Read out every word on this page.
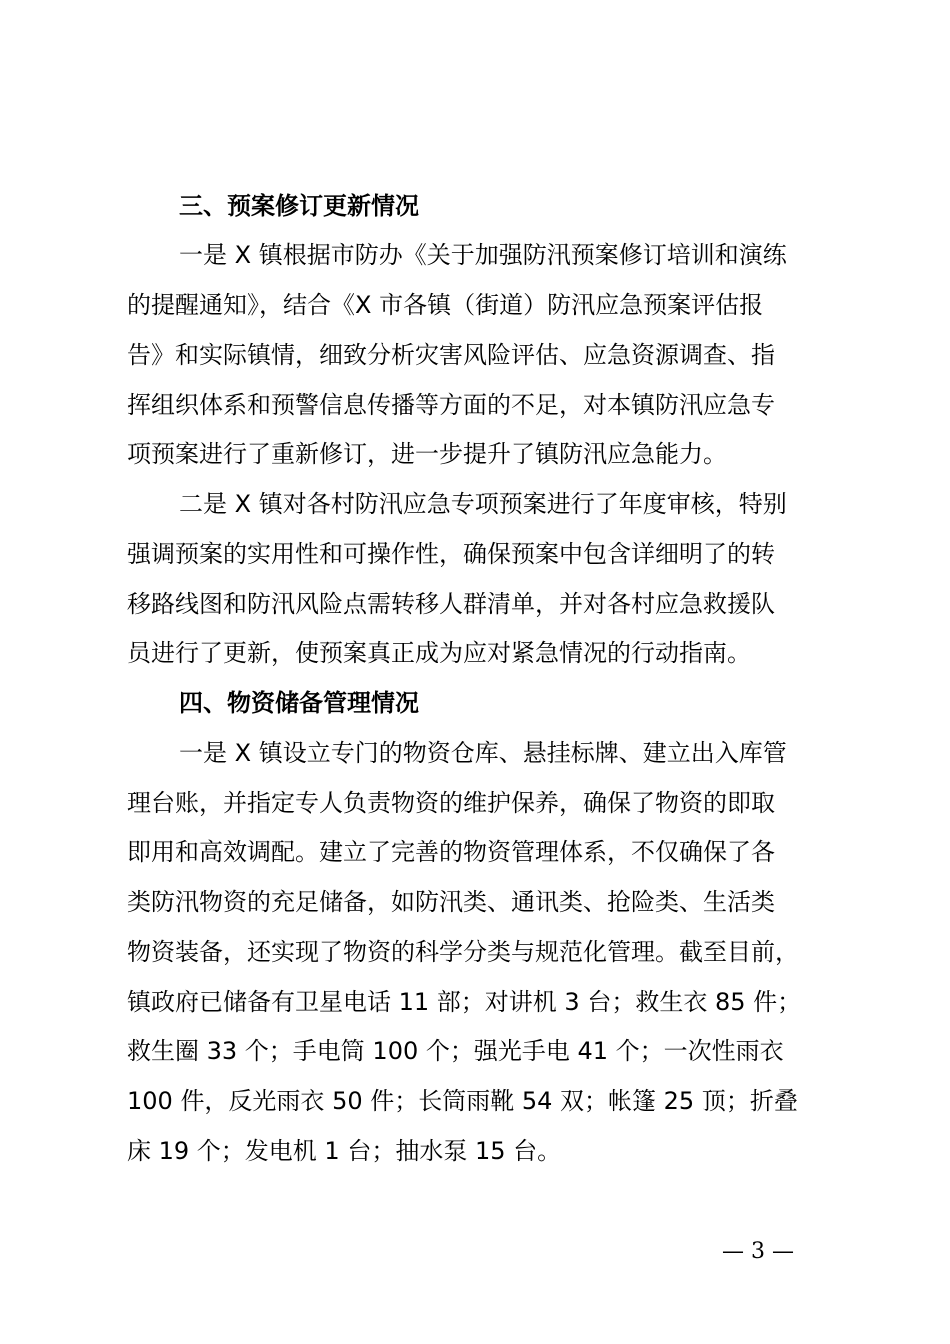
三、预案修订更新情况
一是 X 镇根据市防办《关于加强防汛预案修订培训和演练
的提醒通知》，结合《X 市各镇（街道）防汛应急预案评估报
告》和实际镇情，细致分析灾害风险评估、应急资源调查、指
挥组织体系和预警信息传播等方面的不足，对本镇防汛应急专
项预案进行了重新修订，进一步提升了镇防汛应急能力。
二是 X 镇对各村防汛应急专项预案进行了年度审核，特别
强调预案的实用性和可操作性，确保预案中包含详细明了的转
移路线图和防汛风险点需转移人群清单，并对各村应急救援队
员进行了更新，使预案真正成为应对紧急情况的行动指南。
四、物资储备管理情况
一是 X 镇设立专门的物资仓库、悬挂标牌、建立出入库管
理台账，并指定专人负责物资的维护保养，确保了物资的即取
即用和高效调配。建立了完善的物资管理体系，不仅确保了各
类防汛物资的充足储备，如防汛类、通讯类、抢险类、生活类
物资装备，还实现了物资的科学分类与规范化管理。截至目前，
镇政府已储备有卫星电话 11 部；对讲机 3 台；救生衣 85 件；
救生圈 33 个；手电筒 100 个；强光手电 41 个；一次性雨衣
100 件，反光雨衣 50 件；长筒雨靴 54 双；帐篷 25 顶；折叠
床 19 个；发电机 1 台；抽水泵 15 台。
— 3 —
